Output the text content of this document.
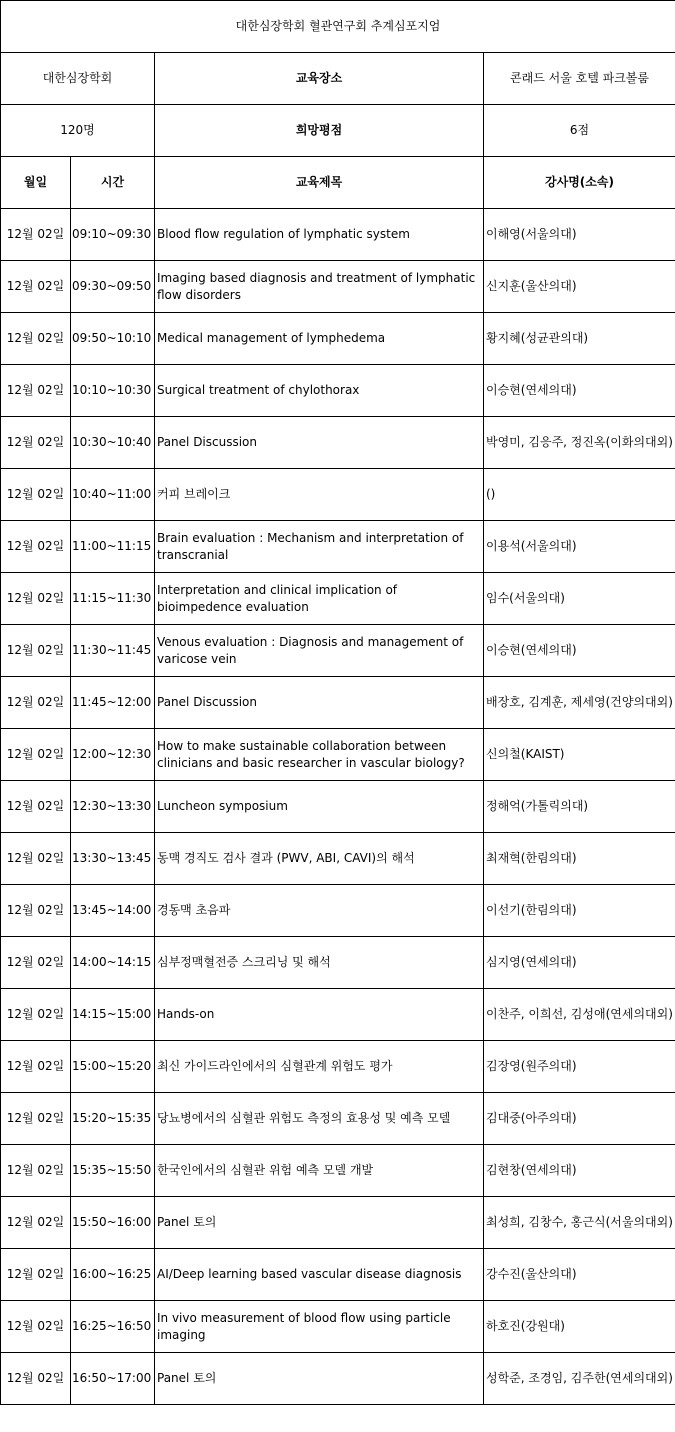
대한심장학회 혈관연구회 추계심포지엄			
대한심장학회		교육장소	콘래드 서울 호텔 파크볼룸
120명		희망평점	6점
월일	시간	교육제목	강사명(소속)
12월 02일	09:10~09:30	Blood flow regulation of lymphatic system	이해영(서울의대)
12월 02일	09:30~09:50	Imaging based diagnosis and treatment of lymphatic flow disorders	신지훈(울산의대)
12월 02일	09:50~10:10	Medical management of lymphedema	황지혜(성균관의대)
12월 02일	10:10~10:30	Surgical treatment of chylothorax	이승현(연세의대)
12월 02일	10:30~10:40	Panel Discussion	박영미, 김응주, 정진옥(이화의대외)
12월 02일	10:40~11:00	커피 브레이크	()
12월 02일	11:00~11:15	Brain evaluation : Mechanism and interpretation of transcranial	이용석(서울의대)
12월 02일	11:15~11:30	Interpretation and clinical implication of bioimpedence evaluation	임수(서울의대)
12월 02일	11:30~11:45	Venous evaluation : Diagnosis and management of varicose vein	이승현(연세의대)
12월 02일	11:45~12:00	Panel Discussion	배장호, 김계훈, 제세영(건양의대외)
12월 02일	12:00~12:30	How to make sustainable collaboration between clinicians and basic researcher in vascular biology?	신의철(KAIST)
12월 02일	12:30~13:30	Luncheon symposium	정해억(가톨릭의대)
12월 02일	13:30~13:45	동맥 경직도 검사 결과 (PWV, ABI, CAVI)의 해석	최재혁(한림의대)
12월 02일	13:45~14:00	경동맥 초음파	이선기(한림의대)
12월 02일	14:00~14:15	심부정맥혈전증 스크리닝 및 해석	심지영(연세의대)
12월 02일	14:15~15:00	Hands-on	이찬주, 이희선, 김성애(연세의대외)
12월 02일	15:00~15:20	최신 가이드라인에서의 심혈관계 위험도 평가	김장영(원주의대)
12월 02일	15:20~15:35	당뇨병에서의 심혈관 위험도 측정의 효용성 및 예측 모델	김대중(아주의대)
12월 02일	15:35~15:50	한국인에서의 심혈관 위험 예측 모델 개발	김현창(연세의대)
12월 02일	15:50~16:00	Panel 토의	최성희, 김창수, 홍근식(서울의대외)
12월 02일	16:00~16:25	AI/Deep learning based vascular disease diagnosis	강수진(울산의대)
12월 02일	16:25~16:50	In vivo measurement of blood flow using particle imaging	하호진(강원대)
12월 02일	16:50~17:00	Panel 토의	성학준, 조경임, 김주한(연세의대외)
